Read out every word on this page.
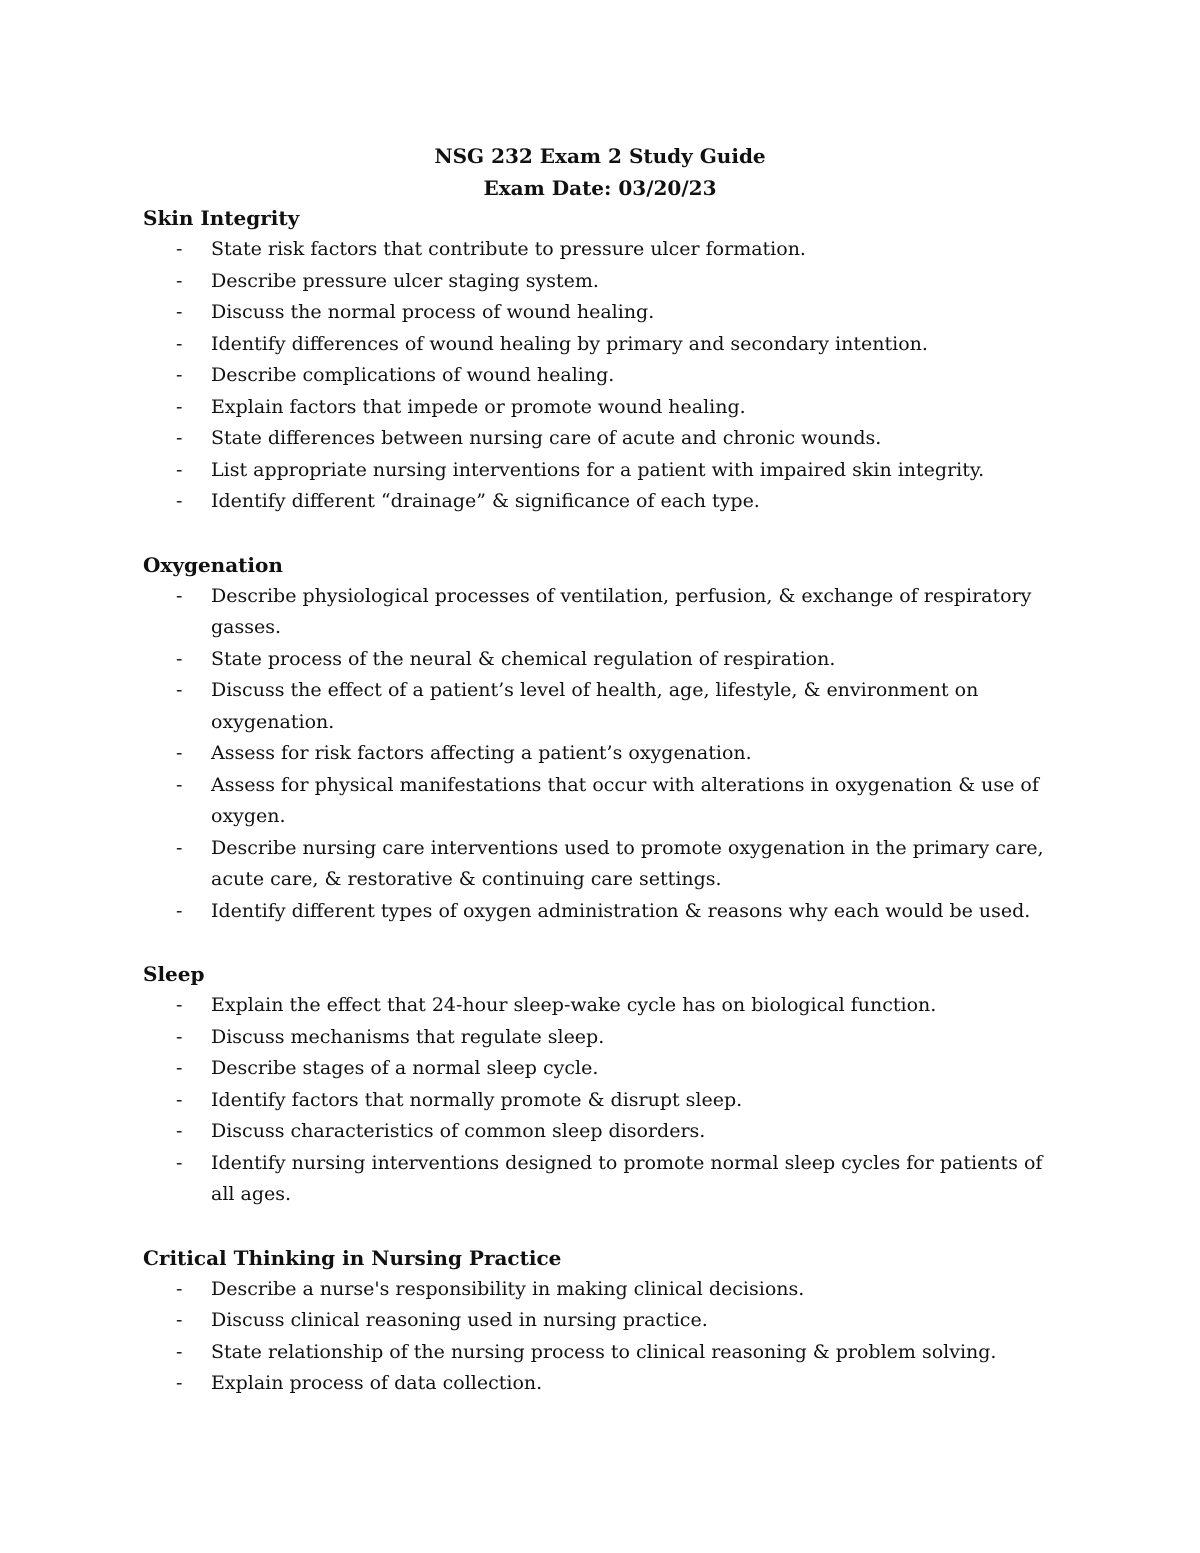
NSG 232 Exam 2 Study Guide
Exam Date: 03/20/23
Skin Integrity
- State risk factors that contribute to pressure ulcer formation.
- Describe pressure ulcer staging system.
- Discuss the normal process of wound healing.
- Identify differences of wound healing by primary and secondary intention.
- Describe complications of wound healing.
- Explain factors that impede or promote wound healing.
- State differences between nursing care of acute and chronic wounds.
- List appropriate nursing interventions for a patient with impaired skin integrity.
- Identify different “drainage” & significance of each type.
Oxygenation
- Describe physiological processes of ventilation, perfusion, & exchange of respiratory gasses.
- State process of the neural & chemical regulation of respiration.
- Discuss the effect of a patient’s level of health, age, lifestyle, & environment on oxygenation.
- Assess for risk factors affecting a patient’s oxygenation.
- Assess for physical manifestations that occur with alterations in oxygenation & use of oxygen.
- Describe nursing care interventions used to promote oxygenation in the primary care, acute care, & restorative & continuing care settings.
- Identify different types of oxygen administration & reasons why each would be used.
Sleep
- Explain the effect that 24-hour sleep-wake cycle has on biological function.
- Discuss mechanisms that regulate sleep.
- Describe stages of a normal sleep cycle.
- Identify factors that normally promote & disrupt sleep.
- Discuss characteristics of common sleep disorders.
- Identify nursing interventions designed to promote normal sleep cycles for patients of all ages.
Critical Thinking in Nursing Practice
- Describe a nurse's responsibility in making clinical decisions.
- Discuss clinical reasoning used in nursing practice.
- State relationship of the nursing process to clinical reasoning & problem solving.
- Explain process of data collection.
